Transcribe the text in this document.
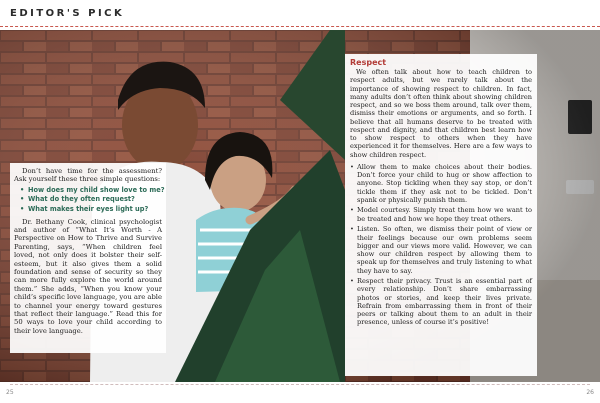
EDITOR'S PICK

Don’t have time for the assessment? Ask yourself these three simple questions:

• How does my child show love to me?
• What do they often request?
• What makes their eyes light up?

Dr. Bethany Cook, clinical psychologist and author of “What It’s Worth - A Perspective on How to Thrive and Survive Parenting, says, “When children feel loved, not only does it bolster their self-esteem, but it also gives them a solid foundation and sense of security so they can more fully explore the world around them.” She adds, “When you know your child’s specific love language, you are able to channel your energy toward gestures that reflect their language.” Read this for 50 ways to love your child according to their love language.

Respect

We often talk about how to teach children to respect adults, but we rarely talk about the importance of showing respect to children. In fact, many adults don’t often think about showing children respect, and so we boss them around, talk over them, dismiss their emotions or arguments, and so forth. I believe that all humans deserve to be treated with respect and dignity, and that children best learn how to show respect to others when they have experienced it for themselves. Here are a few ways to show children respect.

• Allow them to make choices about their bodies. Don’t force your child to hug or show affection to anyone. Stop tickling when they say stop, or don’t tickle them if they ask not to be tickled. Don’t spank or physically punish them.
• Model courtesy. Simply treat them how we want to be treated and how we hope they treat others.
• Listen. So often, we dismiss their point of view or their feelings because our own problems seem bigger and our views more valid. However, we can show our children respect by allowing them to speak up for themselves and truly listening to what they have to say.
• Respect their privacy. Trust is an essential part of every relationship. Don’t share embarrassing photos or stories, and keep their lives private. Refrain from embarrassing them in front of their peers or talking about them to an adult in their presence, unless of course it’s positive!
25	26
